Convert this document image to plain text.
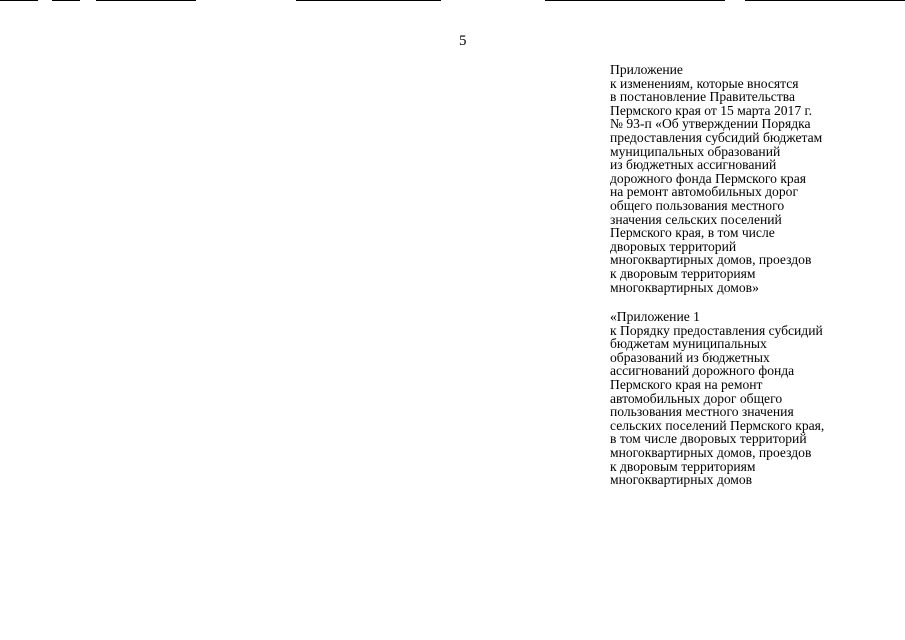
5
Приложение
к изменениям, которые вносятся
в постановление Правительства
Пермского края от 15 марта 2017 г.
№ 93-п «Об утверждении Порядка
предоставления субсидий бюджетам
муниципальных образований
из бюджетных ассигнований
дорожного фонда Пермского края
на ремонт автомобильных дорог
общего пользования местного
значения сельских поселений
Пермского края, в том числе
дворовых территорий
многоквартирных домов, проездов
к дворовым территориям
многоквартирных домов»
«Приложение 1
к Порядку предоставления субсидий
бюджетам муниципальных
образований из бюджетных
ассигнований дорожного фонда
Пермского края на ремонт
автомобильных дорог общего
пользования местного значения
сельских поселений Пермского края,
в том числе дворовых территорий
многоквартирных домов, проездов
к дворовым территориям
многоквартирных домов
